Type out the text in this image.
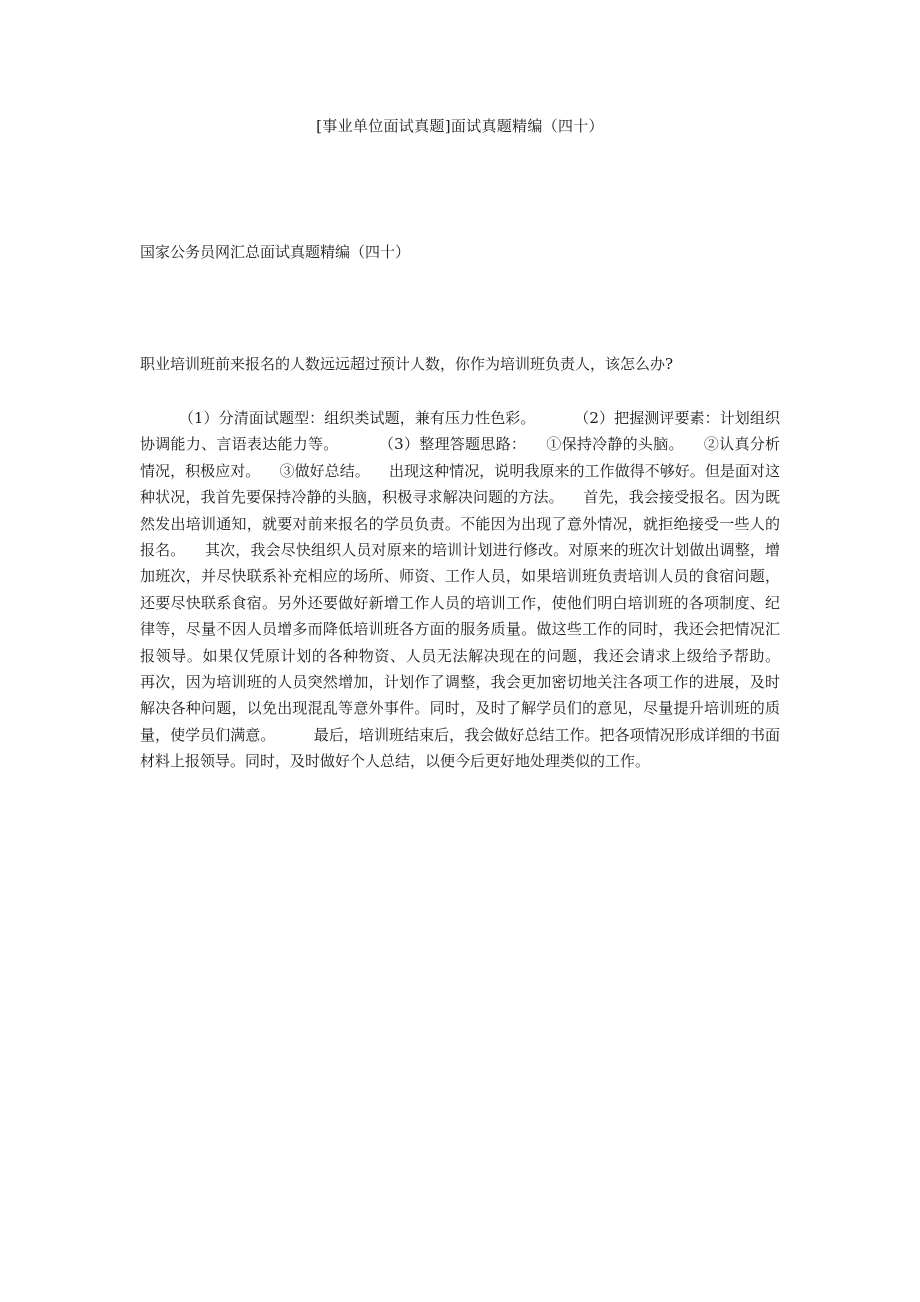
[事业单位面试真题]面试真题精编（四十）
国家公务员网汇总面试真题精编（四十）
职业培训班前来报名的人数远远超过预计人数，你作为培训班负责人，该怎么办?
（1）分清面试题型：组织类试题，兼有压力性色彩。        （2）把握测评要素：计划组织协调能力、言语表达能力等。        （3）整理答题思路：    ①保持冷静的头脑。    ②认真分析情况，积极应对。    ③做好总结。    出现这种情况，说明我原来的工作做得不够好。但是面对这种状况，我首先要保持冷静的头脑，积极寻求解决问题的方法。    首先，我会接受报名。因为既然发出培训通知，就要对前来报名的学员负责。不能因为出现了意外情况，就拒绝接受一些人的报名。    其次，我会尽快组织人员对原来的培训计划进行修改。对原来的班次计划做出调整，增加班次，并尽快联系补充相应的场所、师资、工作人员，如果培训班负责培训人员的食宿问题，还要尽快联系食宿。另外还要做好新增工作人员的培训工作，使他们明白培训班的各项制度、纪律等，尽量不因人员增多而降低培训班各方面的服务质量。做这些工作的同时，我还会把情况汇报领导。如果仅凭原计划的各种物资、人员无法解决现在的问题，我还会请求上级给予帮助。    再次，因为培训班的人员突然增加，计划作了调整，我会更加密切地关注各项工作的进展，及时解决各种问题，以免出现混乱等意外事件。同时，及时了解学员们的意见，尽量提升培训班的质量，使学员们满意。        最后，培训班结束后，我会做好总结工作。把各项情况形成详细的书面材料上报领导。同时，及时做好个人总结，以便今后更好地处理类似的工作。
